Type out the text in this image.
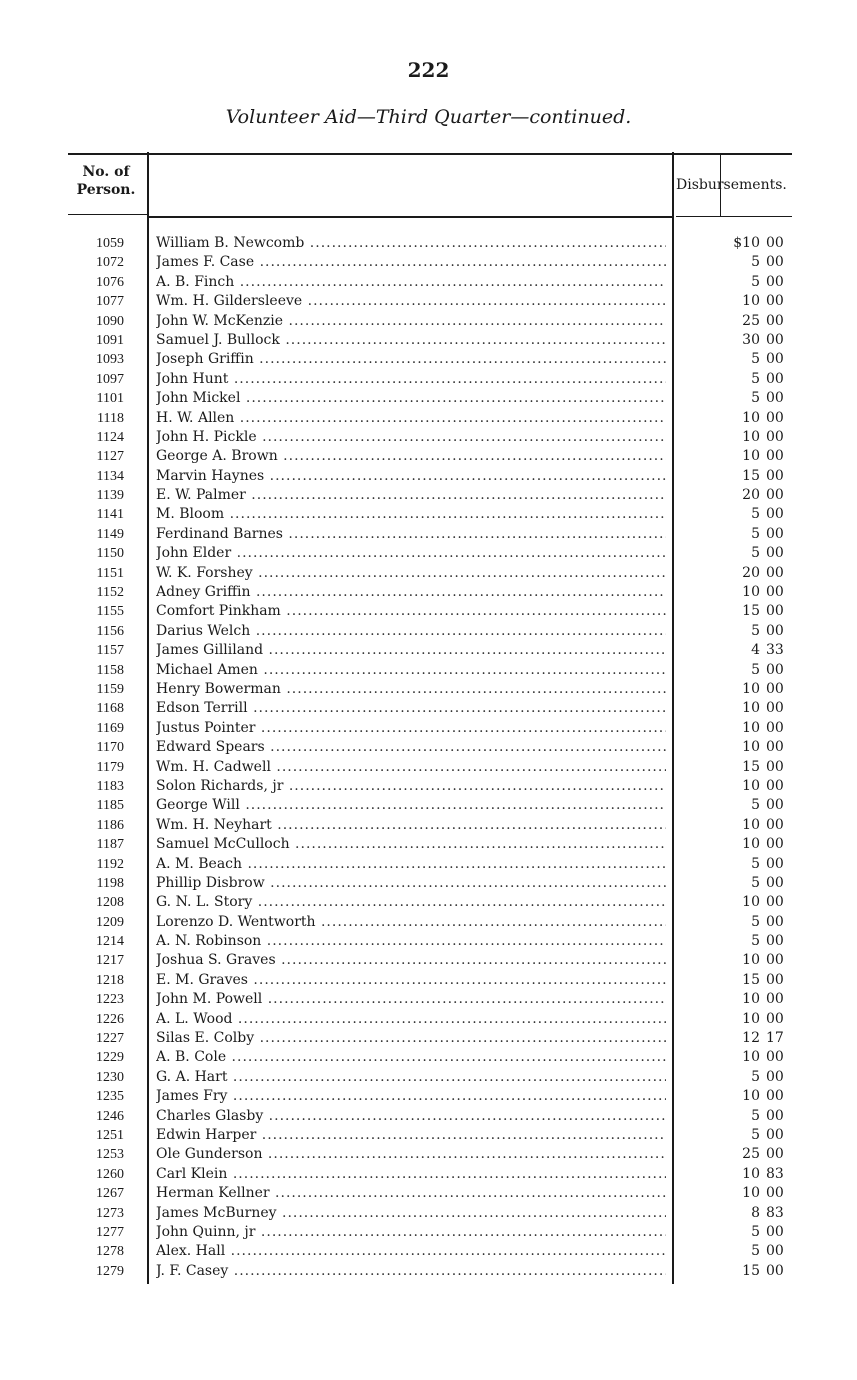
222
Volunteer Aid—Third Quarter—continued.
No. of
Person.	Disbursements.
1059 William B. Newcomb .....	$10 00
1072 James F. Case .....	5 00
1076 A. B. Finch .....	5 00
1077 Wm. H. Gildersleeve .....	10 00
1090 John W. McKenzie .....	25 00
1091 Samuel J. Bullock .....	30 00
1093 Joseph Griffin .....	5 00
1097 John Hunt .....	5 00
1101 John Mickel .....	5 00
1118 H. W. Allen .....	10 00
1124 John H. Pickle .....	10 00
1127 George A. Brown .....	10 00
1134 Marvin Haynes .....	15 00
1139 E. W. Palmer .....	20 00
1141 M. Bloom .....	5 00
1149 Ferdinand Barnes .....	5 00
1150 John Elder .....	5 00
1151 W. K. Forshey .....	20 00
1152 Adney Griffin .....	10 00
1155 Comfort Pinkham .....	15 00
1156 Darius Welch .....	5 00
1157 James Gilliland .....	4 33
1158 Michael Amen .....	5 00
1159 Henry Bowerman .....	10 00
1168 Edson Terrill .....	10 00
1169 Justus Pointer .....	10 00
1170 Edward Spears .....	10 00
1179 Wm. H. Cadwell .....	15 00
1183 Solon Richards, jr .....	10 00
1185 George Will .....	5 00
1186 Wm. H. Neyhart .....	10 00
1187 Samuel McCulloch .....	10 00
1192 A. M. Beach .....	5 00
1198 Phillip Disbrow .....	5 00
1208 G. N. L. Story .....	10 00
1209 Lorenzo D. Wentworth .....	5 00
1214 A. N. Robinson .....	5 00
1217 Joshua S. Graves .....	10 00
1218 E. M. Graves .....	15 00
1223 John M. Powell .....	10 00
1226 A. L. Wood .....	10 00
1227 Silas E. Colby .....	12 17
1229 A. B. Cole .....	10 00
1230 G. A. Hart .....	5 00
1235 James Fry .....	10 00
1246 Charles Glasby .....	5 00
1251 Edwin Harper .....	5 00
1253 Ole Gunderson .....	25 00
1260 Carl Klein .....	10 83
1267 Herman Kellner .....	10 00
1273 James McBurney .....	8 83
1277 John Quinn, jr .....	5 00
1278 Alex. Hall .....	5 00
1279 J. F. Casey .....	15 00
